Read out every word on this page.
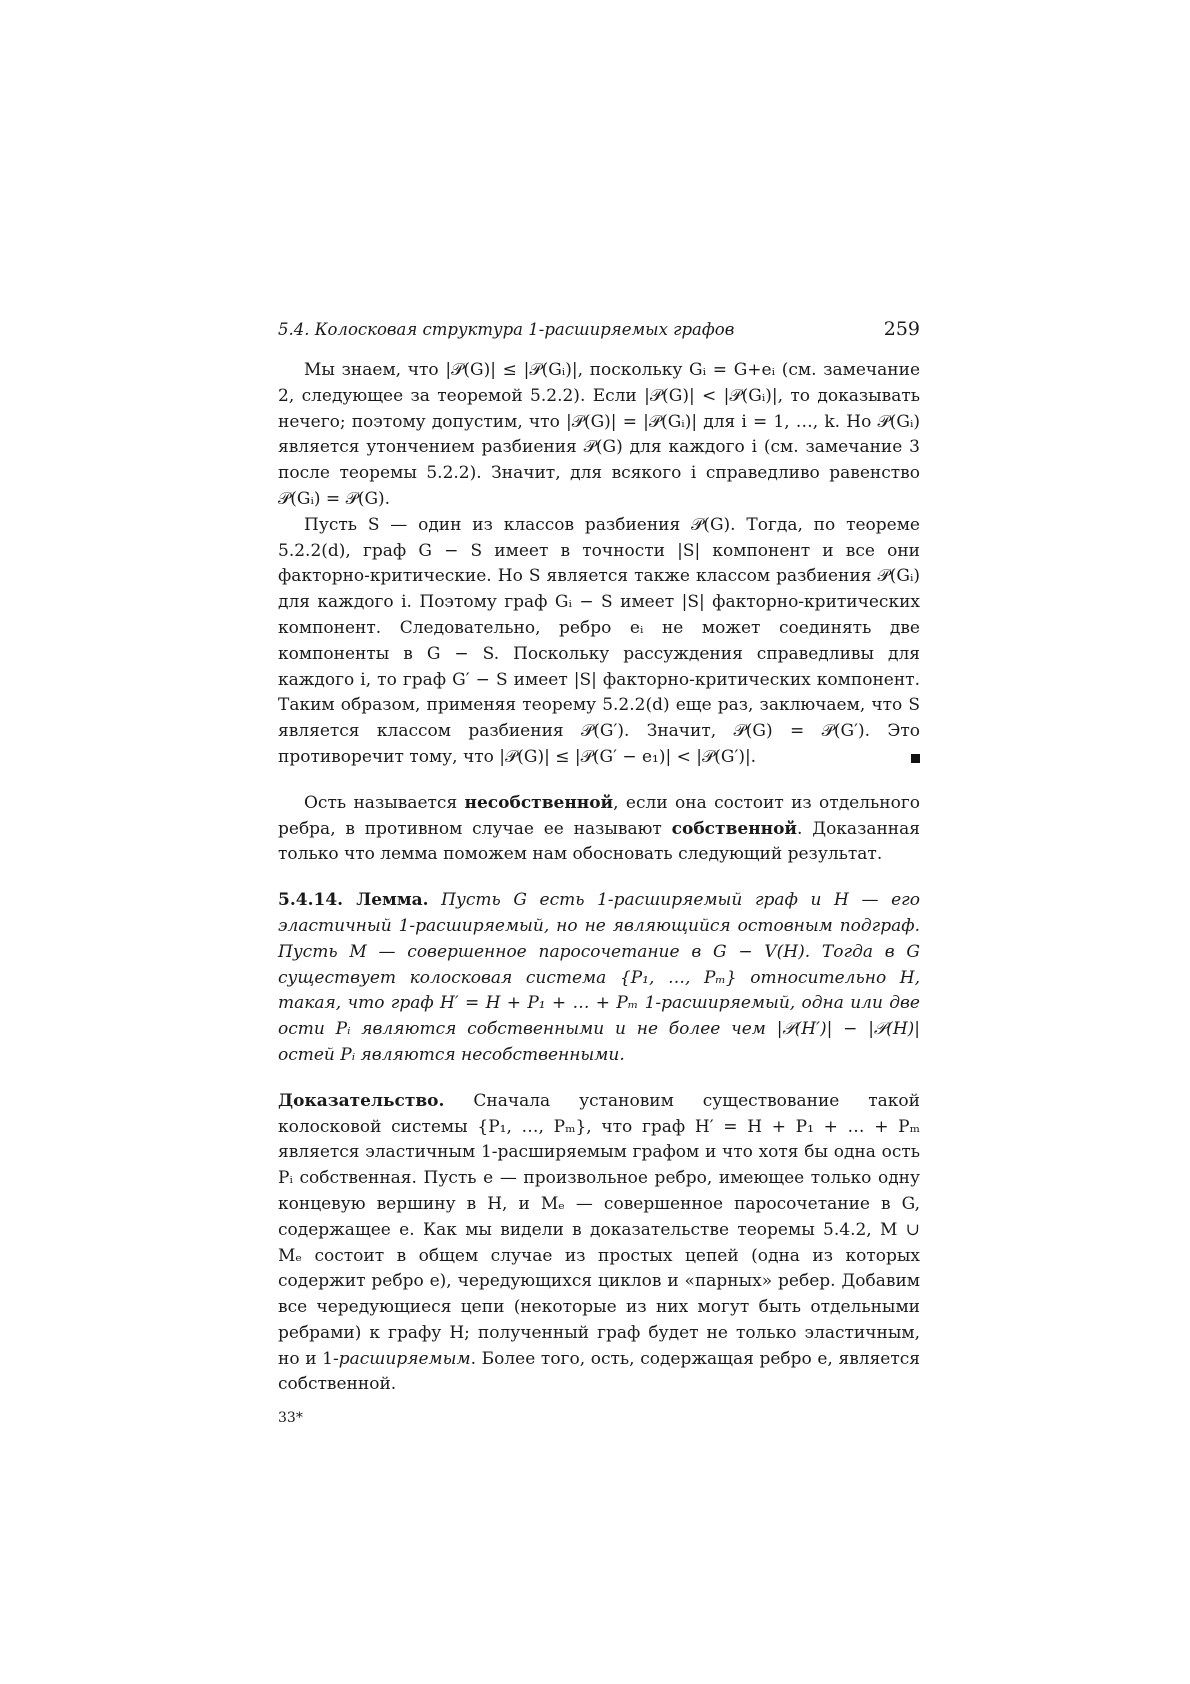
5.4. Колосковая структура 1-расширяемых графов	259

Мы знаем, что |𝒫(G)| ≤ |𝒫(Gᵢ)|, поскольку Gᵢ = G+eᵢ (см. замечание 2, следующее за теоремой 5.2.2). Если |𝒫(G)| < |𝒫(Gᵢ)|, то доказывать нечего; поэтому допустим, что |𝒫(G)| = |𝒫(Gᵢ)| для i = 1, …, k. Но 𝒫(Gᵢ) является утончением разбиения 𝒫(G) для каждого i (см. замечание 3 после теоремы 5.2.2). Значит, для всякого i справедливо равенство 𝒫(Gᵢ) = 𝒫(G).

Пусть S — один из классов разбиения 𝒫(G). Тогда, по теореме 5.2.2(d), граф G − S имеет в точности |S| компонент и все они факторно-критические. Но S является также классом разбиения 𝒫(Gᵢ) для каждого i. Поэтому граф Gᵢ − S имеет |S| факторно-критических компонент. Следовательно, ребро eᵢ не может соединять две компоненты в G − S. Поскольку рассуждения справедливы для каждого i, то граф G′ − S имеет |S| факторно-критических компонент. Таким образом, применяя теорему 5.2.2(d) еще раз, заключаем, что S является классом разбиения 𝒫(G′). Значит, 𝒫(G) = 𝒫(G′). Это противоречит тому, что |𝒫(G)| ≤ |𝒫(G′ − e₁)| < |𝒫(G′)|.

Ость называется несобственной, если она состоит из отдельного ребра, в противном случае ее называют собственной. Доказанная только что лемма поможем нам обосновать следующий результат.

5.4.14. Лемма. Пусть G есть 1-расширяемый граф и H — его эластичный 1-расширяемый, но не являющийся остовным подграф. Пусть M — совершенное паросочетание в G − V(H). Тогда в G существует колосковая система {P₁, …, Pₘ} относительно H, такая, что граф H′ = H + P₁ + … + Pₘ 1-расширяемый, одна или две ости Pᵢ являются собственными и не более чем |𝒫(H′)| − |𝒫(H)| остей Pᵢ являются несобственными.

Доказательство. Сначала установим существование такой колосковой системы {P₁, …, Pₘ}, что граф H′ = H + P₁ + … + Pₘ является эластичным 1-расширяемым графом и что хотя бы одна ость Pᵢ собственная. Пусть e — произвольное ребро, имеющее только одну концевую вершину в H, и Mₑ — совершенное паросочетание в G, содержащее e. Как мы видели в доказательстве теоремы 5.4.2, M ∪ Mₑ состоит в общем случае из простых цепей (одна из которых содержит ребро e), чередующихся циклов и «парных» ребер. Добавим все чередующиеся цепи (некоторые из них могут быть отдельными ребрами) к графу H; полученный граф будет не только эластичным, но и 1-расширяемым. Более того, ость, содержащая ребро e, является собственной.

33*
